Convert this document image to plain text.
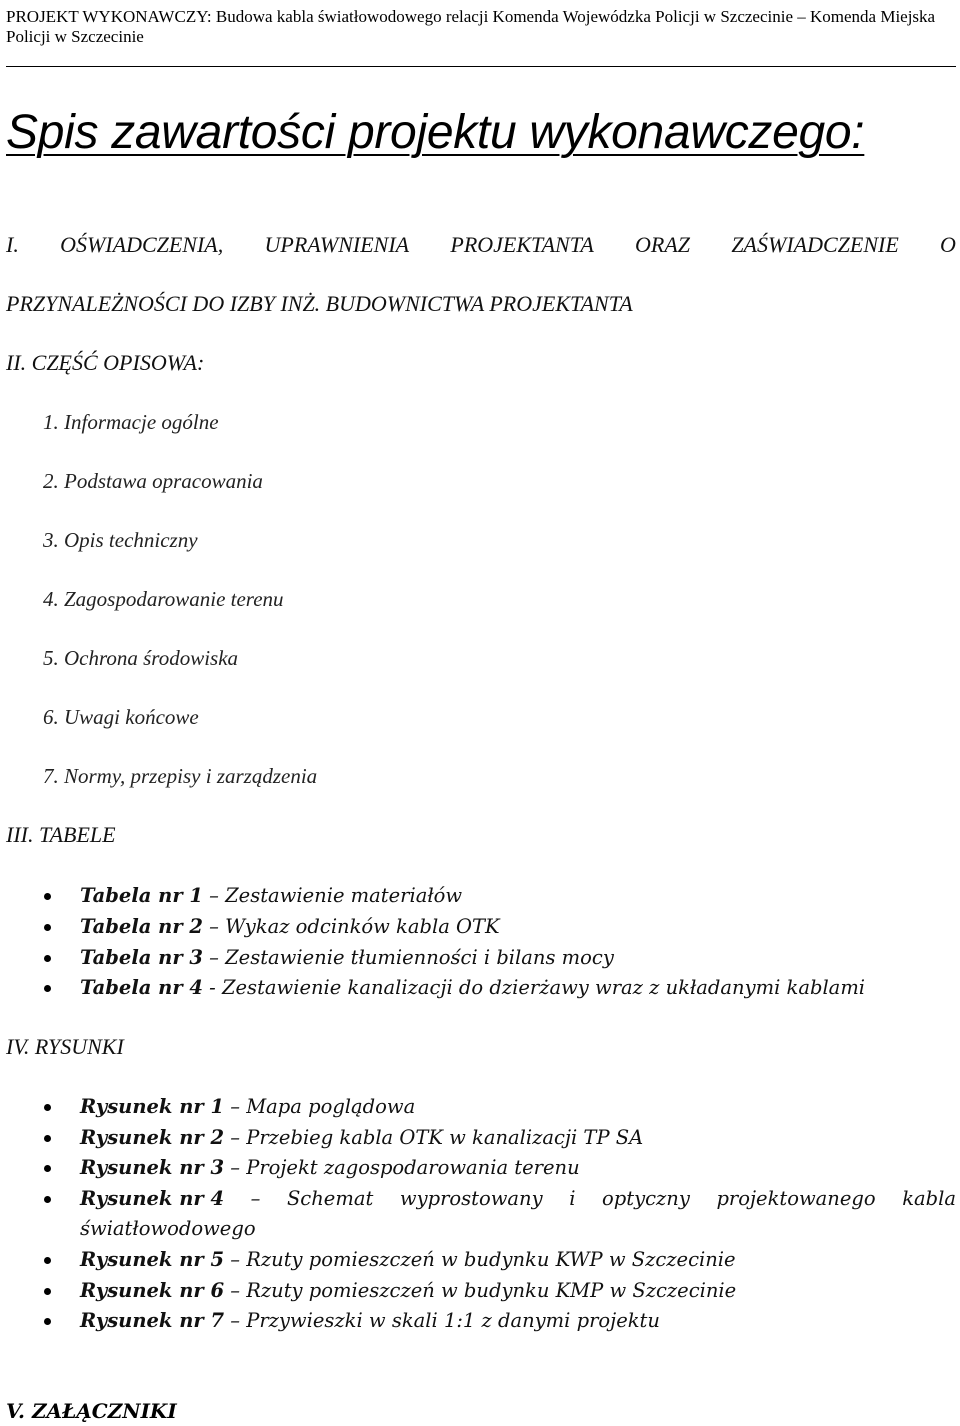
PROJEKT WYKONAWCZY: Budowa kabla światłowodowego relacji Komenda Wojewódzka Policji w Szczecinie – Komenda Miejska
Policji w Szczecinie
Spis zawartości projektu wykonawczego:
I. OŚWIADCZENIA, UPRAWNIENIA PROJEKTANTA ORAZ ZAŚWIADCZENIE O
PRZYNALEŻNOŚCI DO IZBY INŻ. BUDOWNICTWA PROJEKTANTA
II. CZĘŚĆ OPISOWA:
1. Informacje ogólne
2. Podstawa opracowania
3. Opis techniczny
4. Zagospodarowanie terenu
5. Ochrona środowiska
6. Uwagi końcowe
7. Normy, przepisy i zarządzenia
III. TABELE
Tabela nr 1 – Zestawienie materiałów
Tabela nr 2 – Wykaz odcinków kabla OTK
Tabela nr 3 – Zestawienie tłumienności i bilans mocy
Tabela nr 4 - Zestawienie kanalizacji do dzierżawy wraz z układanymi kablami
IV. RYSUNKI
Rysunek nr 1 – Mapa poglądowa
Rysunek nr 2 – Przebieg kabla OTK w kanalizacji TP SA
Rysunek nr 3 – Projekt zagospodarowania terenu
Rysunek nr 4 – Schemat wyprostowany i optyczny projektowanego kabla
światłowodowego
Rysunek nr 5 – Rzuty pomieszczeń w budynku KWP w Szczecinie
Rysunek nr 6 – Rzuty pomieszczeń w budynku KMP w Szczecinie
Rysunek nr 7 – Przywieszki w skali 1:1 z danymi projektu
V. ZAŁĄCZNIKI
